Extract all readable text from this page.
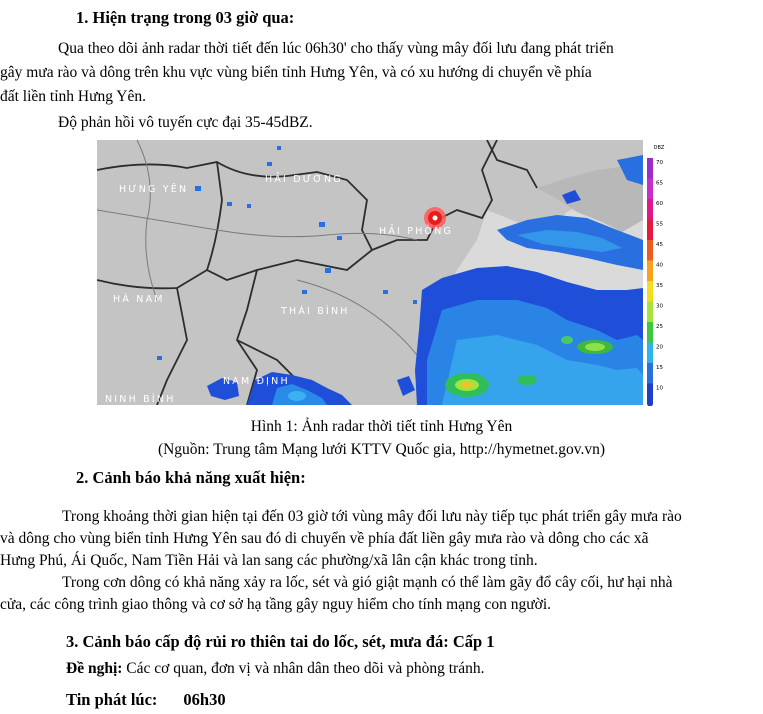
1. Hiện trạng trong 03 giờ qua:
Qua theo dõi ảnh radar thời tiết đến lúc 06h30' cho thấy vùng mây đối lưu đang phát triển
gây mưa rào và dông trên khu vực vùng biển tỉnh Hưng Yên, và có xu hướng di chuyển về phía
đất liền tỉnh Hưng Yên.
Độ phản hồi vô tuyến cực đại 35-45dBZ.
HƯNG YÊN
HẢI DƯƠNG
HẢI PHÒNG
HÀ NAM
THÁI BÌNH
NAM ĐỊNH
NINH BÌNH
DBZ
70
65
60
55
45
40
35
30
25
20
15
10
Hình 1: Ảnh radar thời tiết tỉnh Hưng Yên
(Nguồn: Trung tâm Mạng lưới KTTV Quốc gia, http://hymetnet.gov.vn)
2. Cảnh báo khả năng xuất hiện:
Trong khoảng thời gian hiện tại đến 03 giờ tới vùng mây đối lưu này tiếp tục phát triển gây mưa rào
và dông cho vùng biển tỉnh Hưng Yên sau đó di chuyển về phía đất liền gây mưa rào và dông cho các xã
Hưng Phú, Ái Quốc, Nam Tiền Hải và lan sang các phường/xã lân cận khác trong tỉnh.
Trong cơn dông có khả năng xảy ra lốc, sét và gió giật mạnh có thể làm gãy đổ cây cối, hư hại nhà
cửa, các công trình giao thông và cơ sở hạ tầng gây nguy hiểm cho tính mạng con người.
3. Cảnh báo cấp độ rủi ro thiên tai do lốc, sét, mưa đá: Cấp 1
Đề nghị: Các cơ quan, đơn vị và nhân dân theo dõi và phòng tránh.
Tin phát lúc: 06h30
